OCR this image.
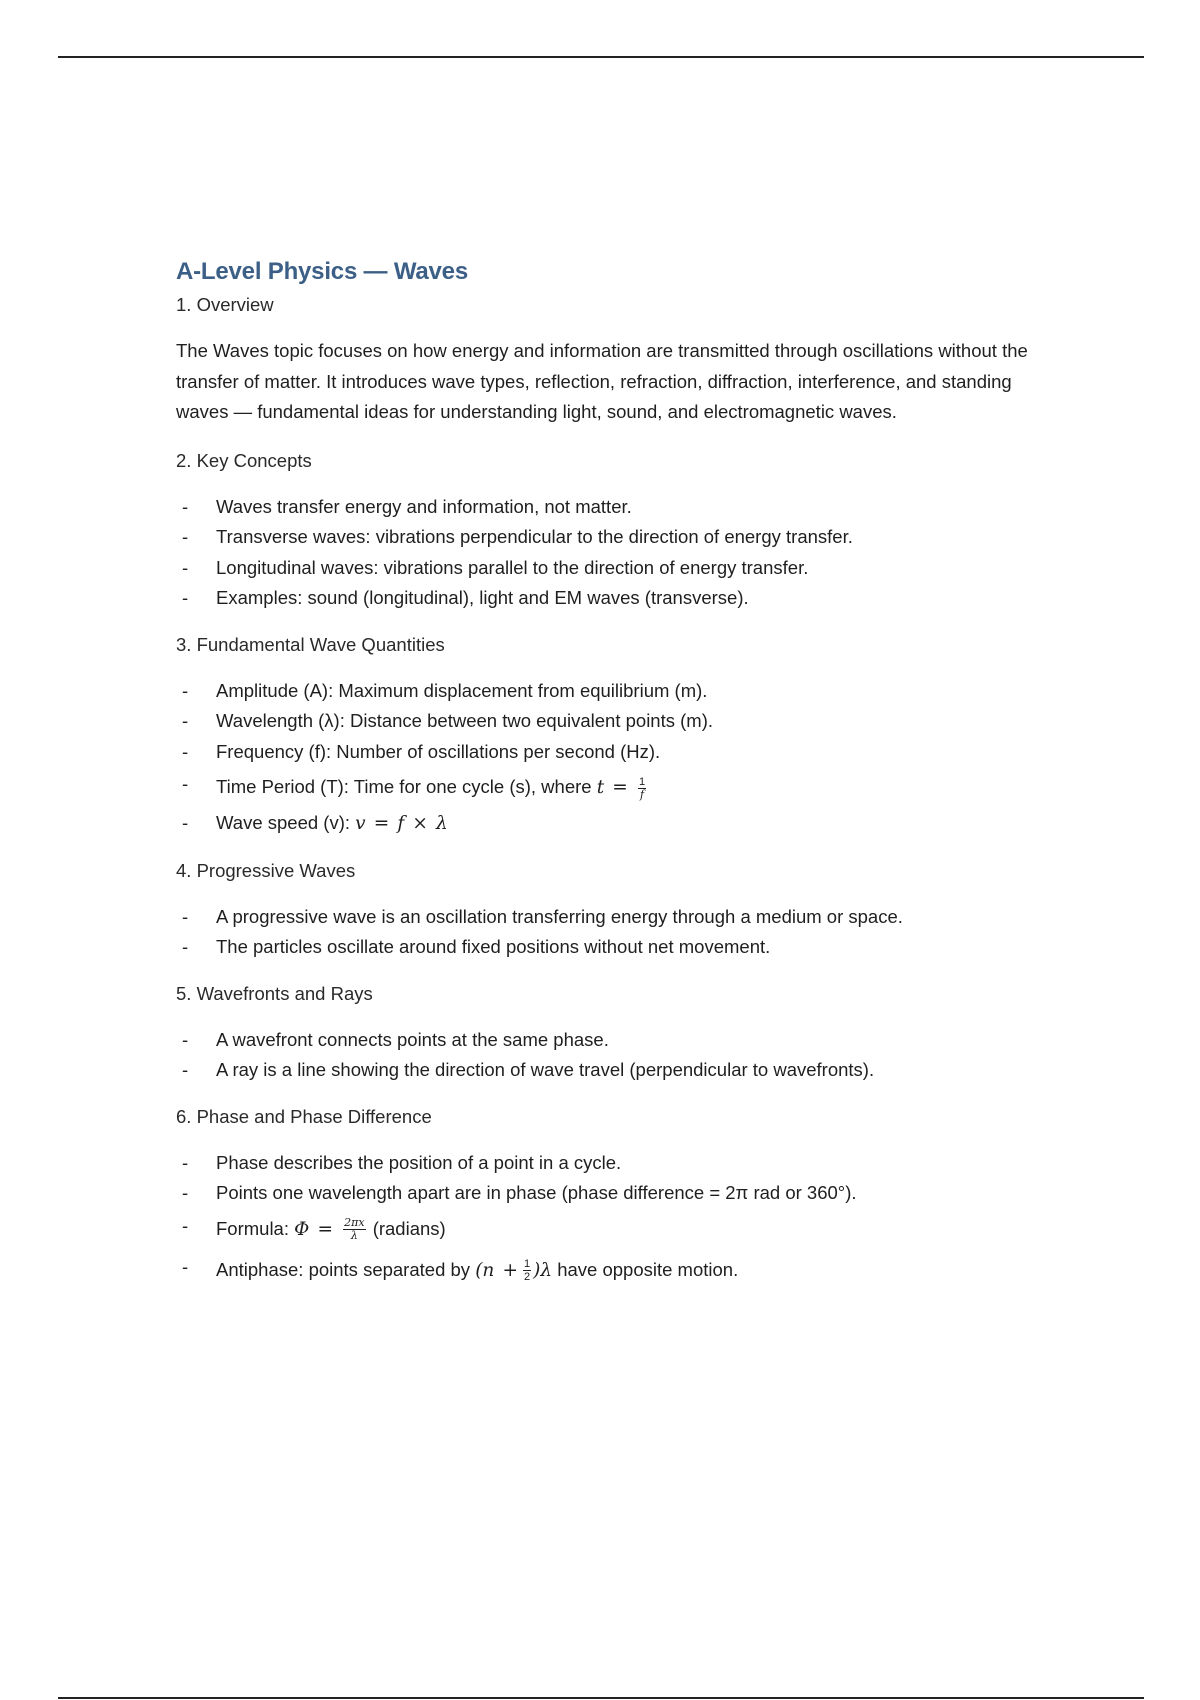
A-Level Physics — Waves
1. Overview

The Waves topic focuses on how energy and information are transmitted through oscillations without the transfer of matter. It introduces wave types, reflection, refraction, diffraction, interference, and standing waves — fundamental ideas for understanding light, sound, and electromagnetic waves.

2. Key Concepts
- Waves transfer energy and information, not matter.
- Transverse waves: vibrations perpendicular to the direction of energy transfer.
- Longitudinal waves: vibrations parallel to the direction of energy transfer.
- Examples: sound (longitudinal), light and EM waves (transverse).
3. Fundamental Wave Quantities
- Amplitude (A): Maximum displacement from equilibrium (m).
- Wavelength (λ): Distance between two equivalent points (m).
- Frequency (f): Number of oscillations per second (Hz).
- Time Period (T): Time for one cycle (s), where $t = \frac{1}{f}$
- Wave speed (v): v = f × λ
4. Progressive Waves
- A progressive wave is an oscillation transferring energy through a medium or space.
- The particles oscillate around fixed positions without net movement.
5. Wavefronts and Rays
- A wavefront connects points at the same phase.
- A ray is a line showing the direction of wave travel (perpendicular to wavefronts).
6. Phase and Phase Difference
- Phase describes the position of a point in a cycle.
- Points one wavelength apart are in phase (phase difference = 2π rad or 360°).
- Formula: $\Phi = \frac{2\pi x}{\lambda}$ (radians)
- Antiphase: points separated by $(n + \frac{1}{2} )\lambda$ have opposite motion.
